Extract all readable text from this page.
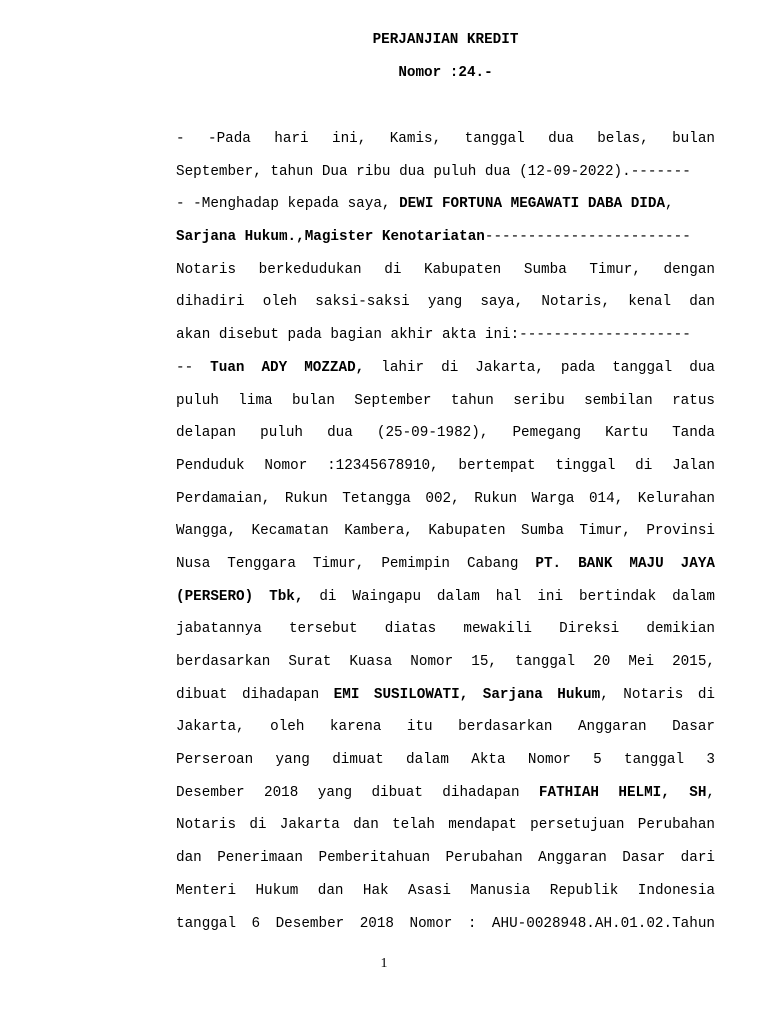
PERJANJIAN KREDIT
Nomor :24.-
- -Pada hari ini, Kamis, tanggal dua belas, bulan
September, tahun Dua ribu dua puluh dua (12-09-2022).-------
- -Menghadap kepada saya, DEWI FORTUNA MEGAWATI DABA DIDA,
Sarjana Hukum.,Magister Kenotariatan------------------------
Notaris berkedudukan di Kabupaten Sumba Timur, dengan
dihadiri oleh saksi-saksi yang saya, Notaris, kenal dan
akan disebut pada bagian akhir akta ini:--------------------
-- Tuan ADY MOZZAD, lahir di Jakarta, pada tanggal dua
puluh lima bulan September tahun seribu sembilan ratus
delapan puluh dua (25-09-1982), Pemegang Kartu Tanda
Penduduk Nomor :12345678910, bertempat tinggal di Jalan
Perdamaian, Rukun Tetangga 002, Rukun Warga 014, Kelurahan
Wangga, Kecamatan Kambera, Kabupaten Sumba Timur, Provinsi
Nusa Tenggara Timur, Pemimpin Cabang PT. BANK MAJU JAYA
(PERSERO) Tbk, di Waingapu dalam hal ini bertindak dalam
jabatannya tersebut diatas mewakili Direksi demikian
berdasarkan Surat Kuasa Nomor 15, tanggal 20 Mei 2015,
dibuat dihadapan EMI SUSILOWATI, Sarjana Hukum, Notaris di
Jakarta, oleh karena itu berdasarkan Anggaran Dasar
Perseroan yang dimuat dalam Akta Nomor 5 tanggal 3
Desember 2018 yang dibuat dihadapan FATHIAH HELMI, SH,
Notaris di Jakarta dan telah mendapat persetujuan Perubahan
dan Penerimaan Pemberitahuan Perubahan Anggaran Dasar dari
Menteri Hukum dan Hak Asasi Manusia Republik Indonesia
tanggal 6 Desember 2018 Nomor : AHU-0028948.AH.01.02.Tahun
1
